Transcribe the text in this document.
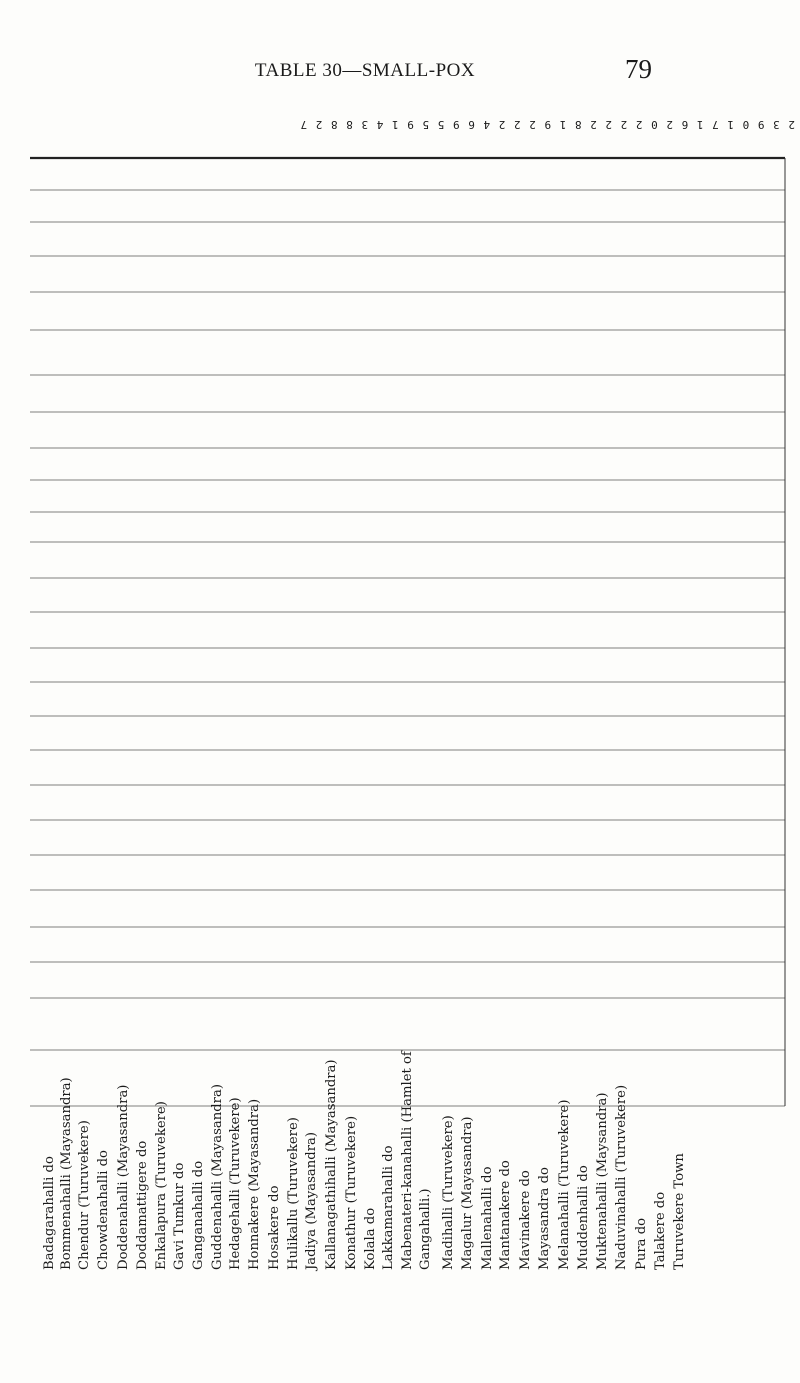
TABLE 30—SMALL-POX	79
2 3 9 0 1 7 1 6 2 0 2 2 2 2 8 1 9 2 2 2 4 6 9 5 5 9 1 4 3 8 8 2 7
Badagarahalli do Bommenahalli (Mayasandra) Chendur (Turuvekere) Chowdenahalli do Doddenahalli (Mayasandra) Doddamattigere do Enkalapura (Turuvekere) Gavi Tumkur do Ganganahalli do Guddenahalli (Mayasandra) Hedagehalli (Turuvekere) Honnakere (Mayasandra) Hosakere do Hulikallu (Turuvekere) Jadiya (Mayasandra) Kallanagathihalli (Mayasandra) Konathur (Turuvekere) Kolala do Lakkamarahalli do Mabenateri-kanahalli (Hamlet of Gangahalli.) Madihalli (Turuvekere) Magalur (Mayasandra) Mallenahalli do Mantanakere do Mavinakere do Mayasandra do Melanahalli (Turuvekere) Muddenhalli do Muktenahalli (Maysandra) Naduvinahalli (Turuvekere) Pura do Talakere do Turuvekere Town
